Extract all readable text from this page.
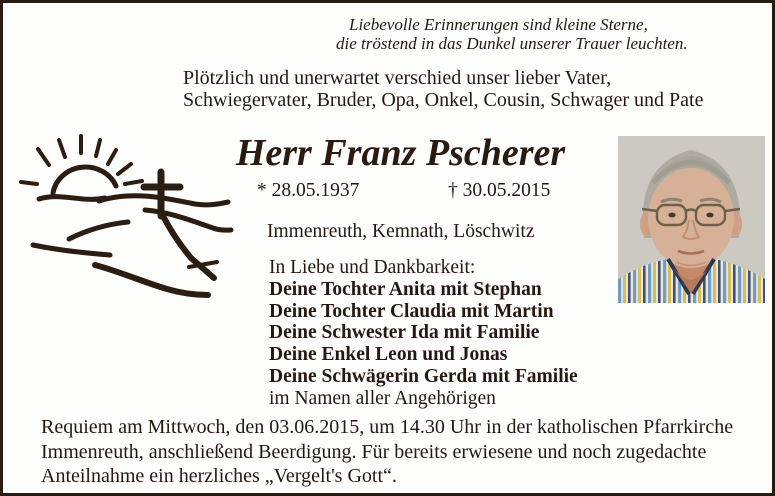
Liebevolle Erinnerungen sind kleine Sterne,
die tröstend in das Dunkel unserer Trauer leuchten.
Plötzlich und unerwartet verschied unser lieber Vater,
Schwiegervater, Bruder, Opa, Onkel, Cousin, Schwager und Pate
Herr Franz Pscherer
* 28.05.1937	† 30.05.2015
Immenreuth, Kemnath, Löschwitz
In Liebe und Dankbarkeit:
Deine Tochter Anita mit Stephan
Deine Tochter Claudia mit Martin
Deine Schwester Ida mit Familie
Deine Enkel Leon und Jonas
Deine Schwägerin Gerda mit Familie
im Namen aller Angehörigen
Requiem am Mittwoch, den 03.06.2015, um 14.30 Uhr in der katholischen Pfarrkirche
Immenreuth, anschließend Beerdigung. Für bereits erwiesene und noch zugedachte
Anteilnahme ein herzliches „Vergelt's Gott“.
